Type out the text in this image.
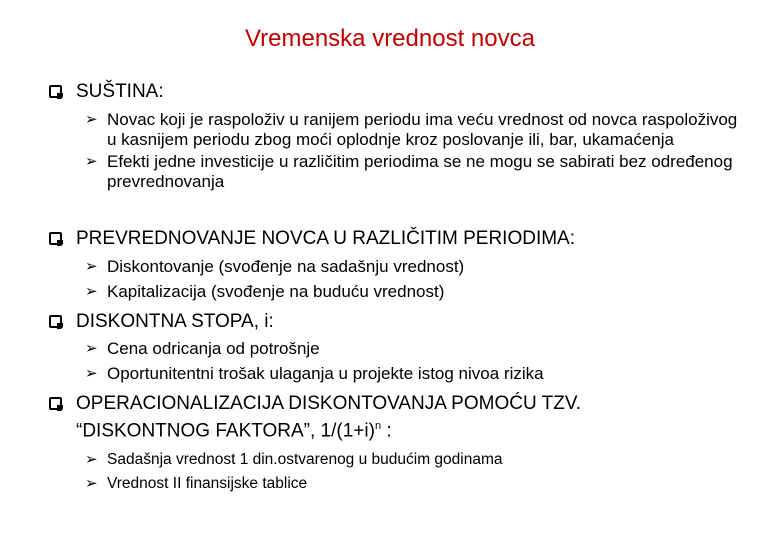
Vremenska vrednost novca
SUŠTINA:
➢ Novac koji je raspoloživ u ranijem periodu ima veću vrednost od novca raspoloživog u kasnijem periodu zbog moći oplodnje kroz poslovanje ili, bar, ukamaćenja
➢ Efekti jedne investicije u različitim periodima se ne mogu se sabirati bez određenog prevrednovanja
PREVREDNOVANJE NOVCA U RAZLIČITIM PERIODIMA:
➢ Diskontovanje (svođenje na sadašnju vrednost)
➢ Kapitalizacija (svođenje na buduću vrednost)
DISKONTNA STOPA, i:
➢ Cena odricanja od potrošnje
➢ Oportunitentni trošak ulaganja u projekte istog nivoa rizika
OPERACIONALIZACIJA DISKONTOVANJA POMOĆU TZV.
“DISKONTNOG FAKTORA”, $1/(1+i)^n$ :
➢ Sadašnja vrednost 1 din.ostvarenog u budućim godinama
➢ Vrednost II finansijske tablice
